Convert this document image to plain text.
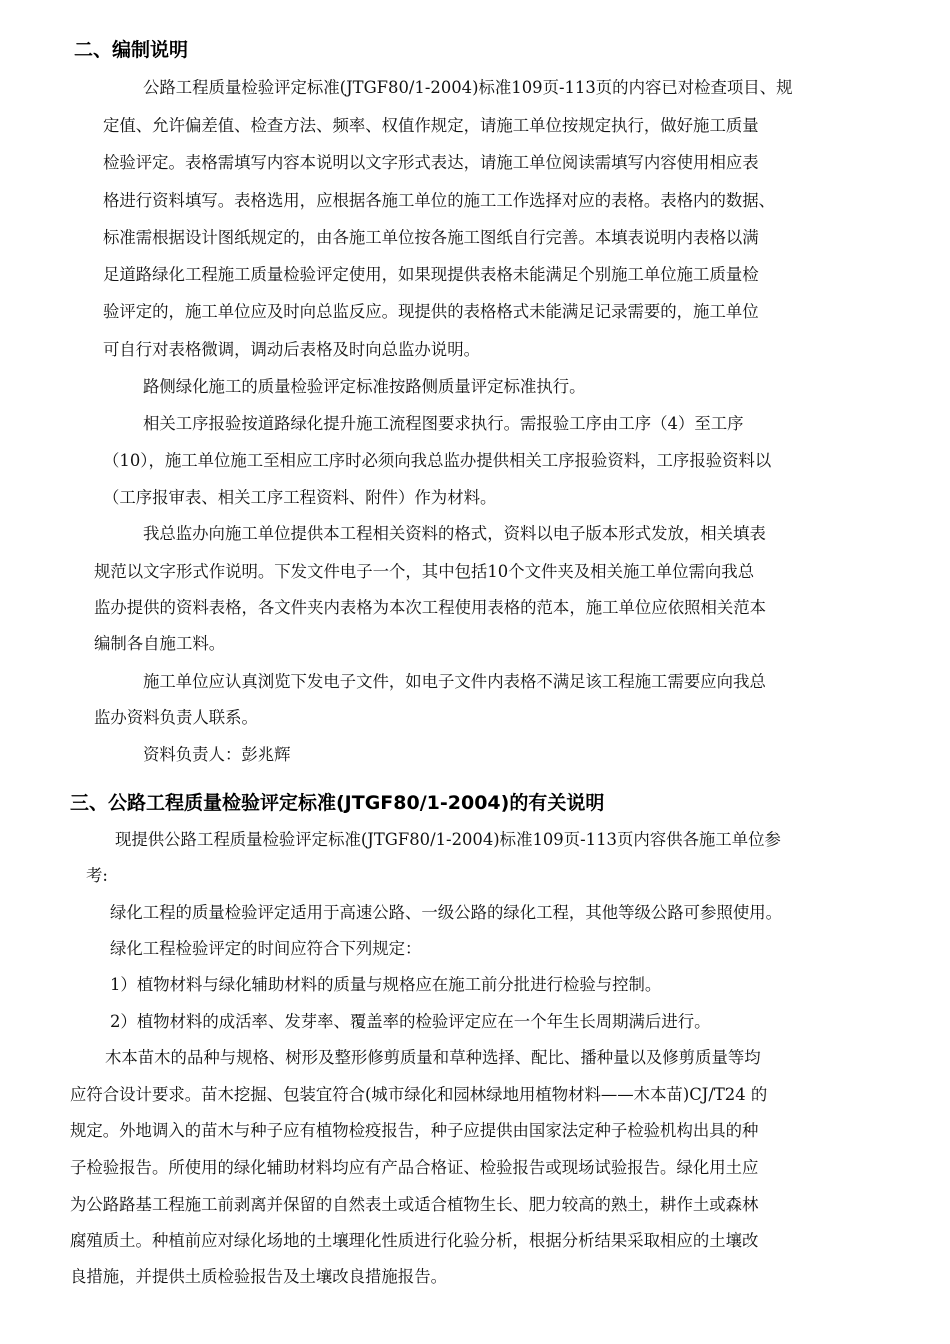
二、编制说明

公路工程质量检验评定标准(JTGF80/1-2004)标准109页-113页的内容已对检查项目、规

定值、允许偏差值、检查方法、频率、权值作规定，请施工单位按规定执行，做好施工质量

检验评定。表格需填写内容本说明以文字形式表达，请施工单位阅读需填写内容使用相应表

格进行资料填写。表格选用，应根据各施工单位的施工工作选择对应的表格。表格内的数据、

标准需根据设计图纸规定的，由各施工单位按各施工图纸自行完善。本填表说明内表格以满

足道路绿化工程施工质量检验评定使用，如果现提供表格未能满足个别施工单位施工质量检

验评定的，施工单位应及时向总监反应。现提供的表格格式未能满足记录需要的，施工单位

可自行对表格微调，调动后表格及时向总监办说明。

路侧绿化施工的质量检验评定标准按路侧质量评定标准执行。

相关工序报验按道路绿化提升施工流程图要求执行。需报验工序由工序（4）至工序

（10），施工单位施工至相应工序时必须向我总监办提供相关工序报验资料，工序报验资料以

（工序报审表、相关工序工程资料、附件）作为材料。

我总监办向施工单位提供本工程相关资料的格式，资料以电子版本形式发放，相关填表

规范以文字形式作说明。下发文件电子一个，其中包括10个文件夹及相关施工单位需向我总

监办提供的资料表格，各文件夹内表格为本次工程使用表格的范本，施工单位应依照相关范本

编制各自施工料。

施工单位应认真浏览下发电子文件，如电子文件内表格不满足该工程施工需要应向我总

监办资料负责人联系。

资料负责人：彭兆辉

三、公路工程质量检验评定标准(JTGF80/1-2004)的有关说明

现提供公路工程质量检验评定标准(JTGF80/1-2004)标准109页-113页内容供各施工单位参

考:

绿化工程的质量检验评定适用于高速公路、一级公路的绿化工程，其他等级公路可参照使用。

绿化工程检验评定的时间应符合下列规定：

1）植物材料与绿化辅助材料的质量与规格应在施工前分批进行检验与控制。

2）植物材料的成活率、发芽率、覆盖率的检验评定应在一个年生长周期满后进行。

木本苗木的品种与规格、树形及整形修剪质量和草种选择、配比、播种量以及修剪质量等均

应符合设计要求。苗木挖掘、包装宜符合(城市绿化和园林绿地用植物材料——木本苗)CJ/T24 的

规定。外地调入的苗木与种子应有植物检疫报告，种子应提供由国家法定种子检验机构出具的种

子检验报告。所使用的绿化辅助材料均应有产品合格证、检验报告或现场试验报告。绿化用土应

为公路路基工程施工前剥离并保留的自然表土或适合植物生长、肥力较高的熟土，耕作土或森林

腐殖质土。种植前应对绿化场地的土壤理化性质进行化验分析，根据分析结果采取相应的土壤改

良措施，并提供土质检验报告及土壤改良措施报告。
